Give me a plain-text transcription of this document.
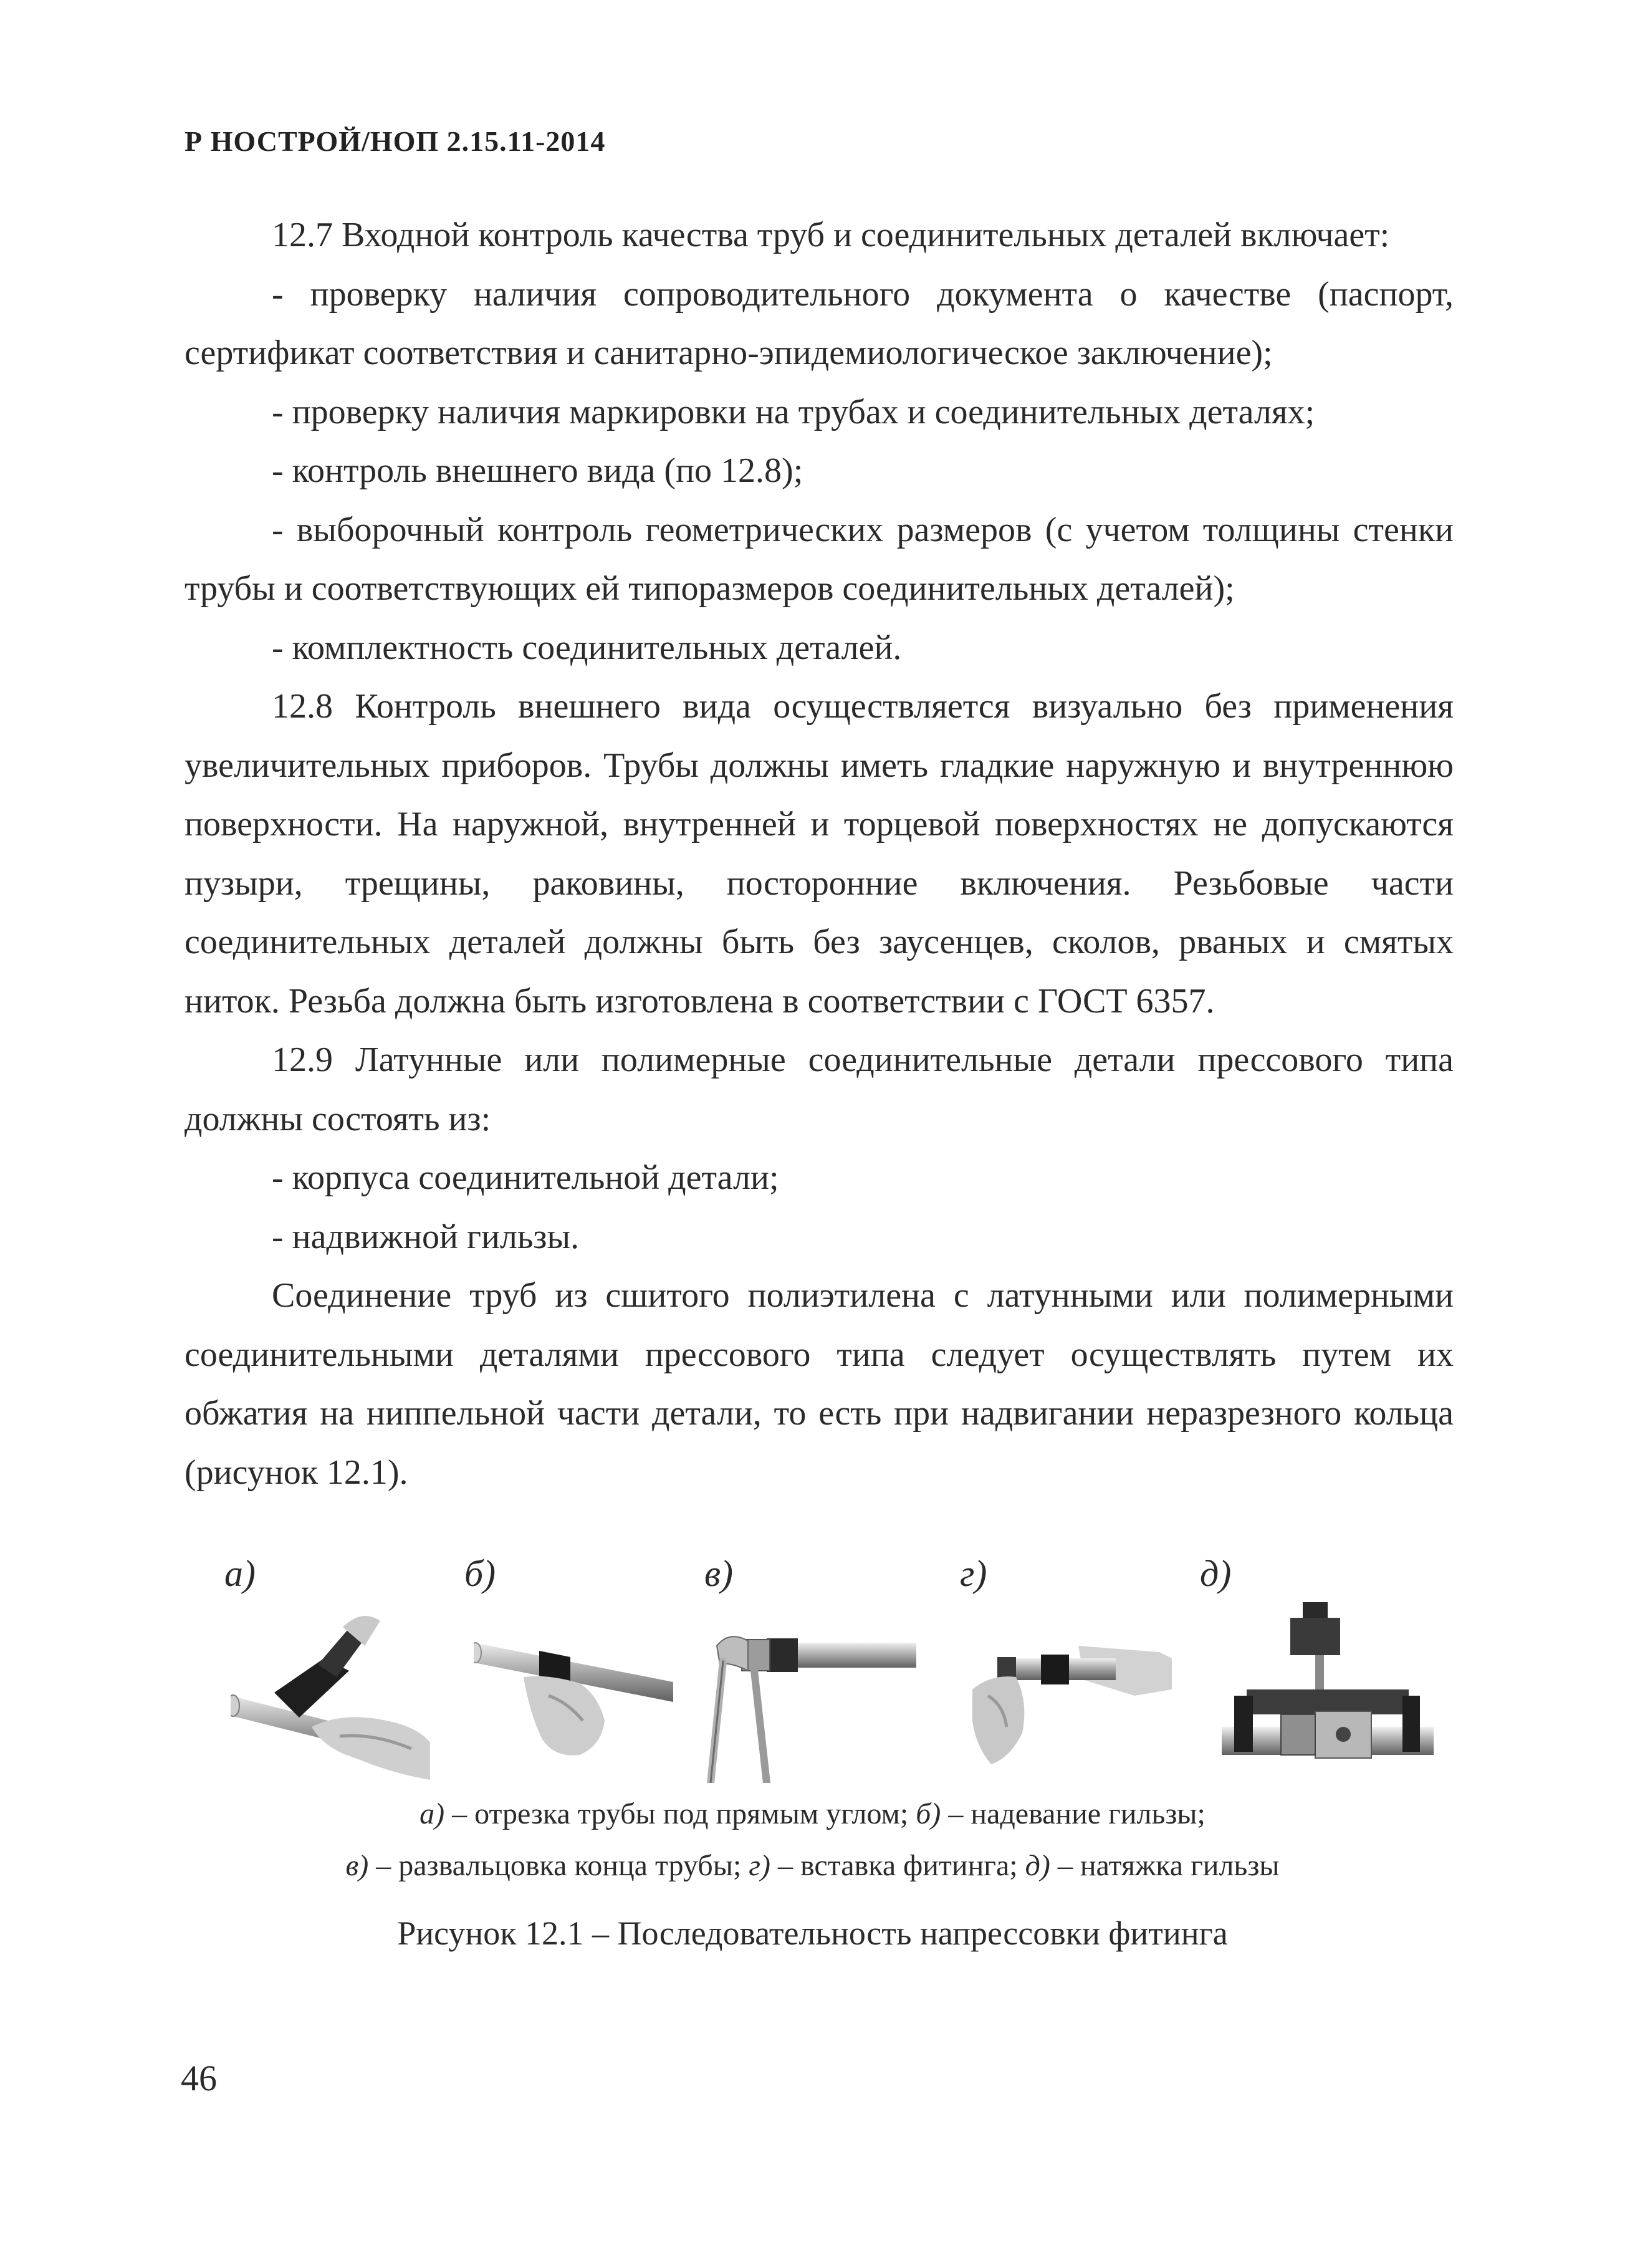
Р НОСТРОЙ/НОП 2.15.11-2014

12.7 Входной контроль качества труб и соединительных деталей включает:

- проверку наличия сопроводительного документа о качестве (паспорт, сертификат соответствия и санитарно-эпидемиологическое заключение);

- проверку наличия маркировки на трубах и соединительных деталях;

- контроль внешнего вида (по 12.8);

- выборочный контроль геометрических размеров (с учетом толщины стенки трубы и соответствующих ей типоразмеров соединительных деталей);

- комплектность соединительных деталей.

12.8 Контроль внешнего вида осуществляется визуально без применения увеличительных приборов. Трубы должны иметь гладкие наружную и внутреннюю поверхности. На наружной, внутренней и торцевой поверхностях не допускаются пузыри, трещины, раковины, посторонние включения. Резьбовые части соединительных деталей должны быть без заусенцев, сколов, рваных и смятых ниток. Резьба должна быть изготовлена в соответствии с ГОСТ 6357.

12.9 Латунные или полимерные соединительные детали прессового типа должны состоять из:

- корпуса соединительной детали;

- надвижной гильзы.

Соединение труб из сшитого полиэтилена с латунными или полимерными соединительными деталями прессового типа следует осуществлять путем их обжатия на ниппельной части детали, то есть при надвигании неразрезного кольца (рисунок 12.1).

а)	б)	в)	г)	д)
а) – отрезка трубы под прямым углом; б) – надевание гильзы;
в) – развальцовка конца трубы; г) – вставка фитинга; д) – натяжка гильзы
Рисунок 12.1 – Последовательность напрессовки фитинга
46
